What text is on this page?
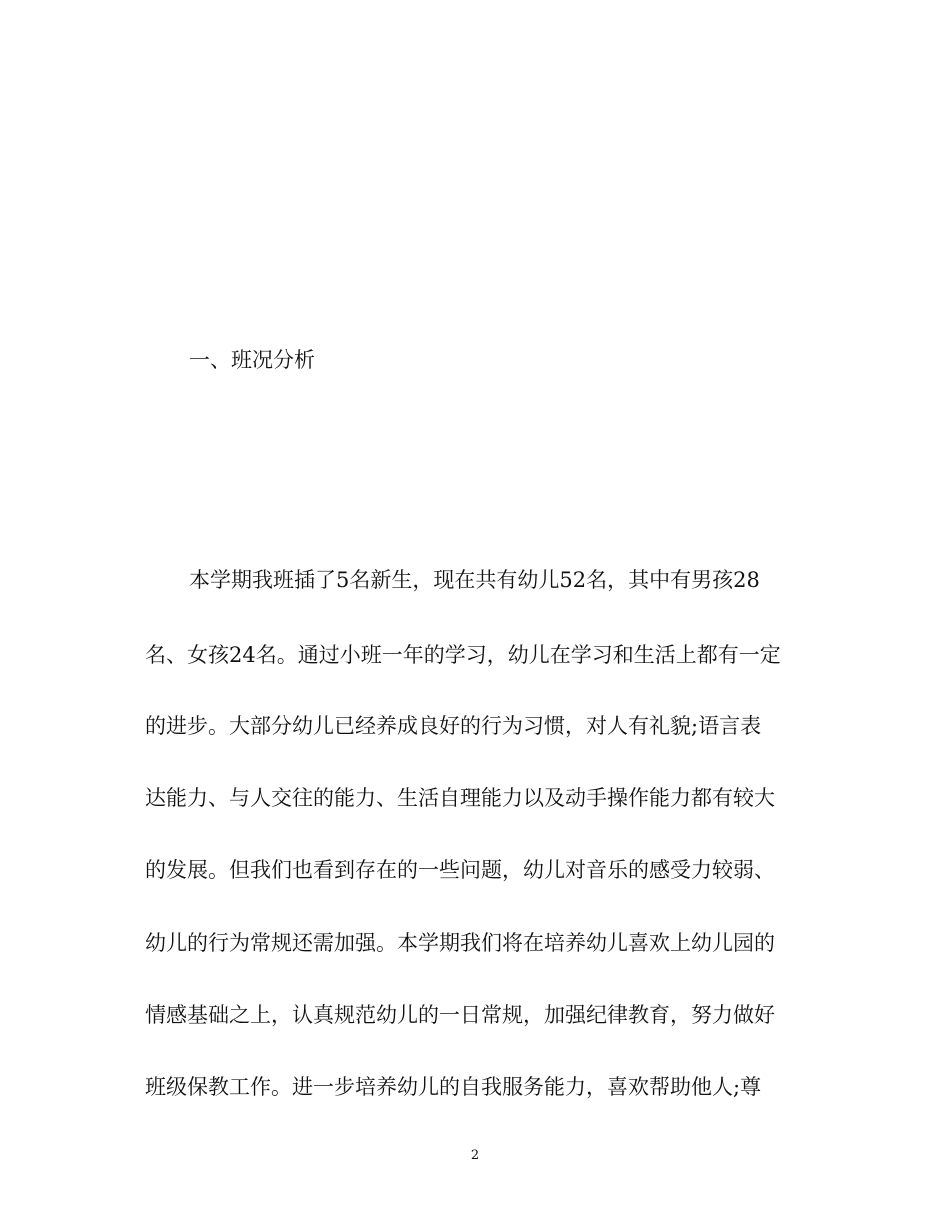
一、班况分析
本学期我班插了5名新生，现在共有幼儿52名，其中有男孩28
名、女孩24名。通过小班一年的学习，幼儿在学习和生活上都有一定
的进步。大部分幼儿已经养成良好的行为习惯，对人有礼貌;语言表
达能力、与人交往的能力、生活自理能力以及动手操作能力都有较大
的发展。但我们也看到存在的一些问题，幼儿对音乐的感受力较弱、
幼儿的行为常规还需加强。本学期我们将在培养幼儿喜欢上幼儿园的
情感基础之上，认真规范幼儿的一日常规，加强纪律教育，努力做好
班级保教工作。进一步培养幼儿的自我服务能力，喜欢帮助他人;尊
2
